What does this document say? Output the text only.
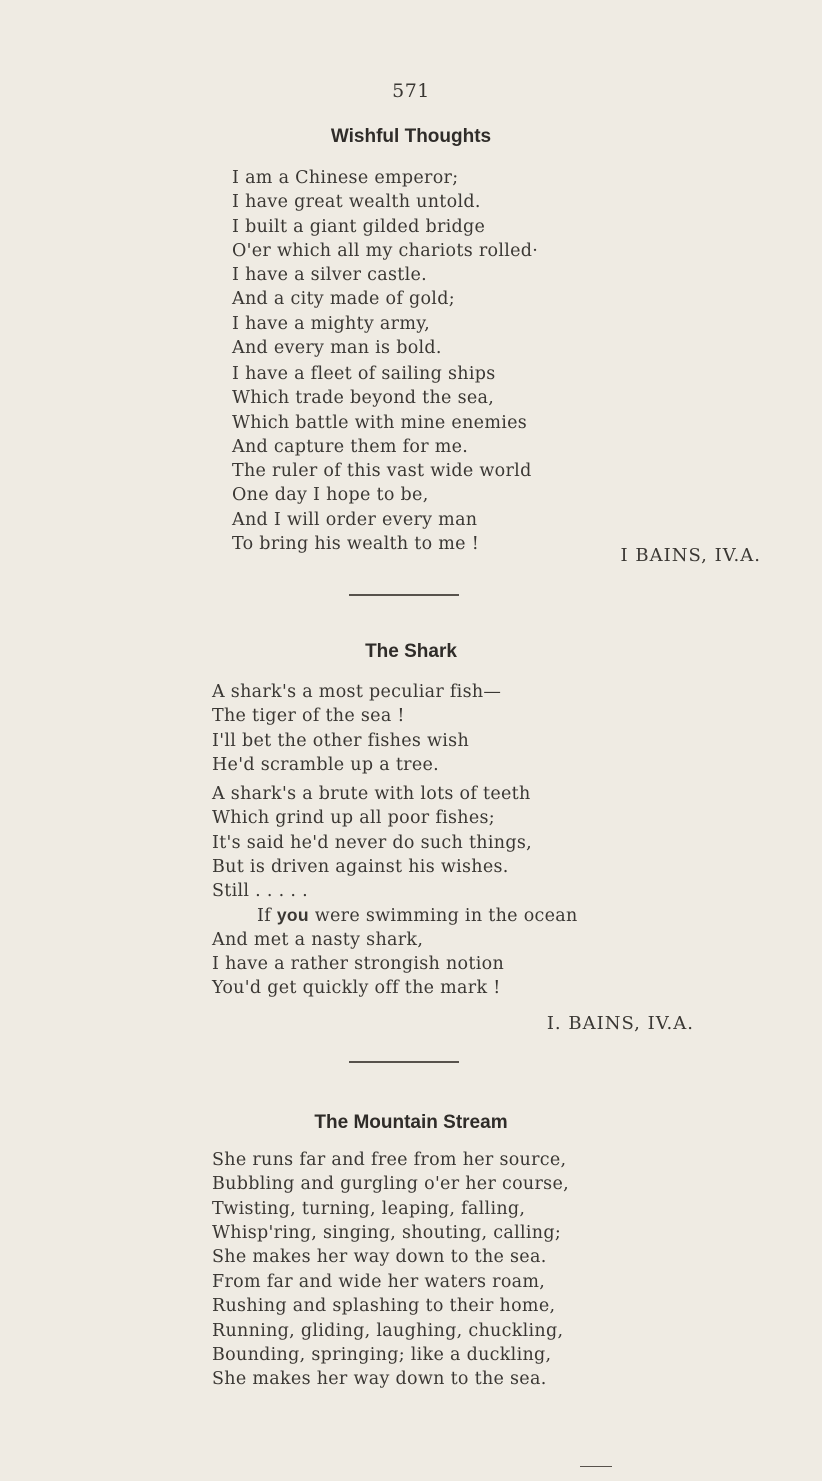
571
Wishful Thoughts
I am a Chinese emperor;
I have great wealth untold.
I built a giant gilded bridge
O'er which all my chariots rolled·
I have a silver castle.
And a city made of gold;
I have a mighty army,
And every man is bold.
I have a fleet of sailing ships
Which trade beyond the sea,
Which battle with mine enemies
And capture them for me.
The ruler of this vast wide world
One day I hope to be,
And I will order every man
To bring his wealth to me !
I BAINS, IV.A.
The Shark
A shark's a most peculiar fish—
The tiger of the sea !
I'll bet the other fishes wish
He'd scramble up a tree.
A shark's a brute with lots of teeth
Which grind up all poor fishes;
It's said he'd never do such things,
But is driven against his wishes.
Still . . . . .
If you were swimming in the ocean
And met a nasty shark,
I have a rather strongish notion
You'd get quickly off the mark !
I. BAINS, IV.A.
The Mountain Stream
She runs far and free from her source,
Bubbling and gurgling o'er her course,
Twisting, turning, leaping, falling,
Whisp'ring, singing, shouting, calling;
She makes her way down to the sea.
From far and wide her waters roam,
Rushing and splashing to their home,
Running, gliding, laughing, chuckling,
Bounding, springing; like a duckling,
She makes her way down to the sea.
